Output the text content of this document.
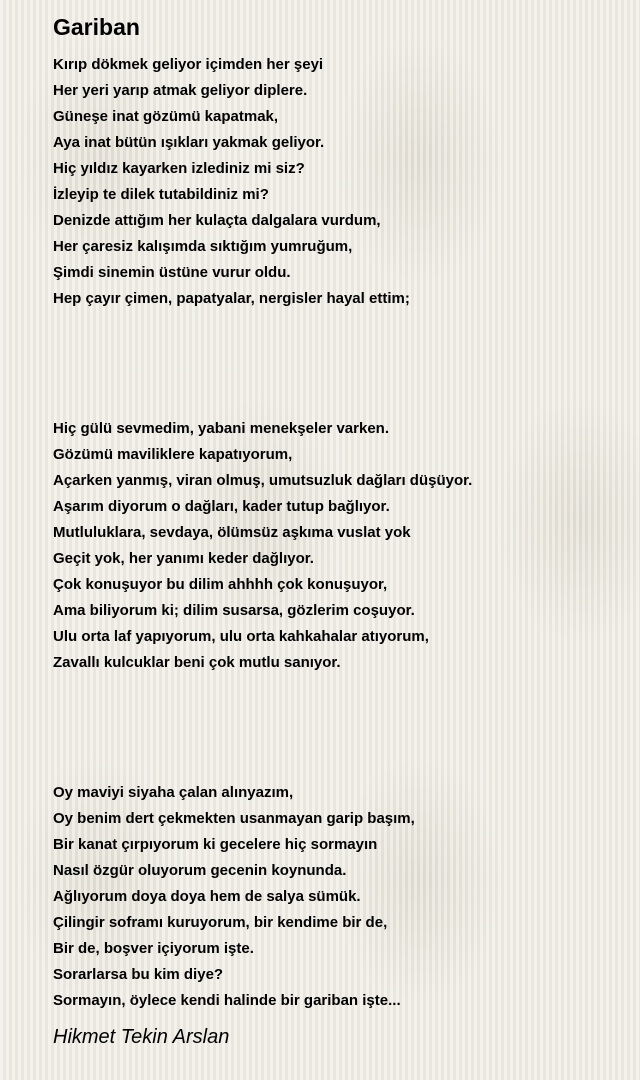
Gariban
Kırıp dökmek geliyor içimden her şeyi
Her yeri yarıp atmak geliyor diplere.
Güneşe inat gözümü kapatmak,
Aya inat bütün ışıkları yakmak geliyor.
Hiç yıldız kayarken izlediniz mi siz?
İzleyip te dilek tutabildiniz mi?
Denizde attığım her kulaçta dalgalara vurdum,
Her çaresiz kalışımda sıktığım yumruğum,
Şimdi sinemin üstüne vurur oldu.
Hep çayır çimen, papatyalar, nergisler hayal ettim;
Hiç gülü sevmedim, yabani menekşeler varken.
Gözümü maviliklere kapatıyorum,
Açarken yanmış, viran olmuş, umutsuzluk dağları düşüyor.
Aşarım diyorum o dağları, kader tutup bağlıyor.
Mutluluklara, sevdaya, ölümsüz aşkıma vuslat yok
Geçit yok, her yanımı keder dağlıyor.
Çok konuşuyor bu dilim ahhhh çok konuşuyor,
Ama biliyorum ki; dilim susarsa, gözlerim coşuyor.
Ulu orta laf yapıyorum, ulu orta kahkahalar atıyorum,
Zavallı kulcuklar beni çok mutlu sanıyor.
Oy maviyi siyaha çalan alınyazım,
Oy benim dert çekmekten usanmayan garip başım,
Bir kanat çırpıyorum ki gecelere hiç sormayın
Nasıl özgür oluyorum gecenin koynunda.
Ağlıyorum doya doya hem de salya sümük.
Çilingir soframı kuruyorum, bir kendime bir de,
Bir de, boşver içiyorum işte.
Sorarlarsa bu kim diye?
Sormayın, öylece kendi halinde bir gariban işte...
Hikmet Tekin Arslan
